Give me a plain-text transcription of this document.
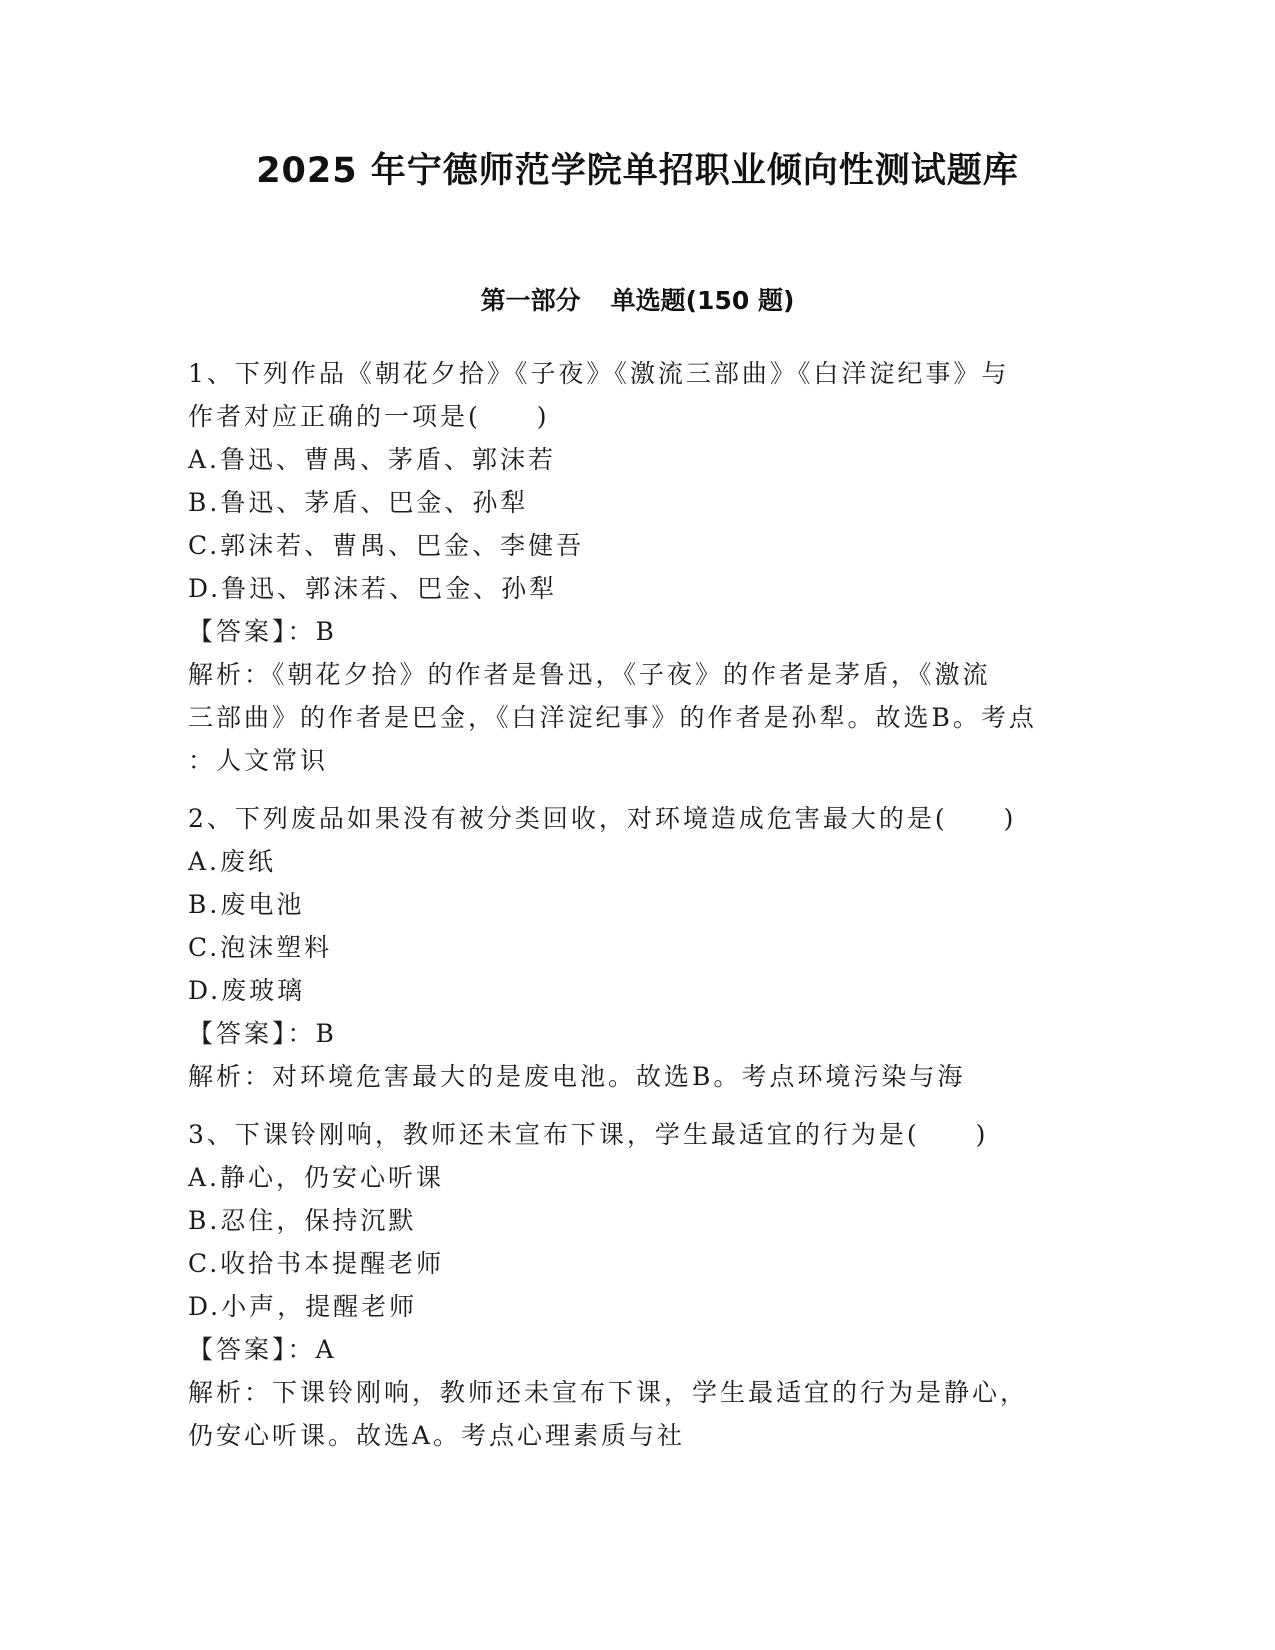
2025 年宁德师范学院单招职业倾向性测试题库
第一部分 单选题(150 题)
1、下列作品《朝花夕拾》《子夜》《激流三部曲》《白洋淀纪事》与
作者对应正确的一项是(　　)
A.鲁迅、曹禺、茅盾、郭沫若
B.鲁迅、茅盾、巴金、孙犁
C.郭沫若、曹禺、巴金、李健吾
D.鲁迅、郭沫若、巴金、孙犁
【答案】：B
解析：《朝花夕拾》的作者是鲁迅，《子夜》的作者是茅盾，《激流
三部曲》的作者是巴金，《白洋淀纪事》的作者是孙犁。故选B。考点
：人文常识
2、下列废品如果没有被分类回收，对环境造成危害最大的是(　　)
A.废纸
B.废电池
C.泡沫塑料
D.废玻璃
【答案】：B
解析：对环境危害最大的是废电池。故选B。考点环境污染与海
3、下课铃刚响，教师还未宣布下课，学生最适宜的行为是(　　)
A.静心，仍安心听课
B.忍住，保持沉默
C.收拾书本提醒老师
D.小声，提醒老师
【答案】：A
解析：下课铃刚响，教师还未宣布下课，学生最适宜的行为是静心，
仍安心听课。故选A。考点心理素质与社
